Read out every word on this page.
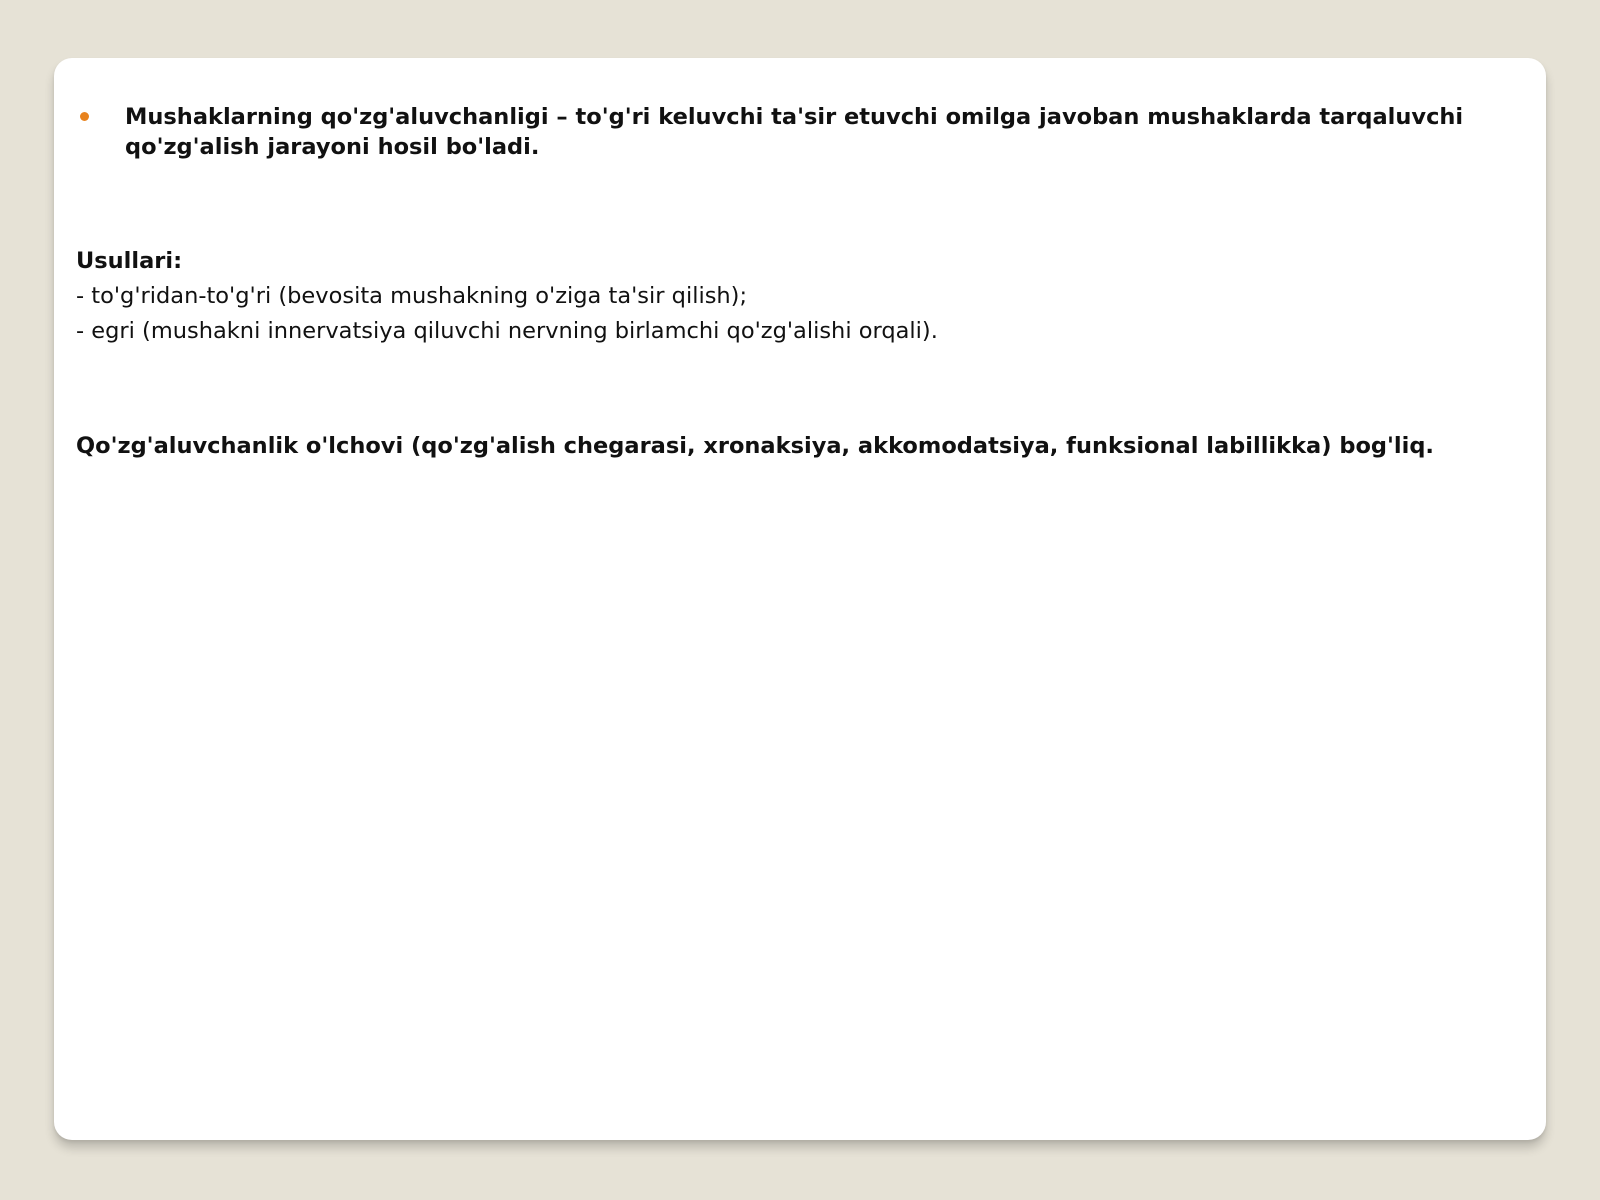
Mushaklarning qo'zg'aluvchanligi – to'g'ri keluvchi ta'sir etuvchi omilga javoban mushaklarda tarqaluvchi qo'zg'alish jarayoni hosil bo'ladi.
Usullari:
- to'g'ridan-to'g'ri (bevosita mushakning o'ziga ta'sir qilish);
- egri (mushakni innervatsiya qiluvchi nervning birlamchi qo'zg'alishi orqali).
Qo'zg'aluvchanlik o'lchovi (qo'zg'alish chegarasi, xronaksiya, akkomodatsiya, funksional labillikka) bog'liq.
